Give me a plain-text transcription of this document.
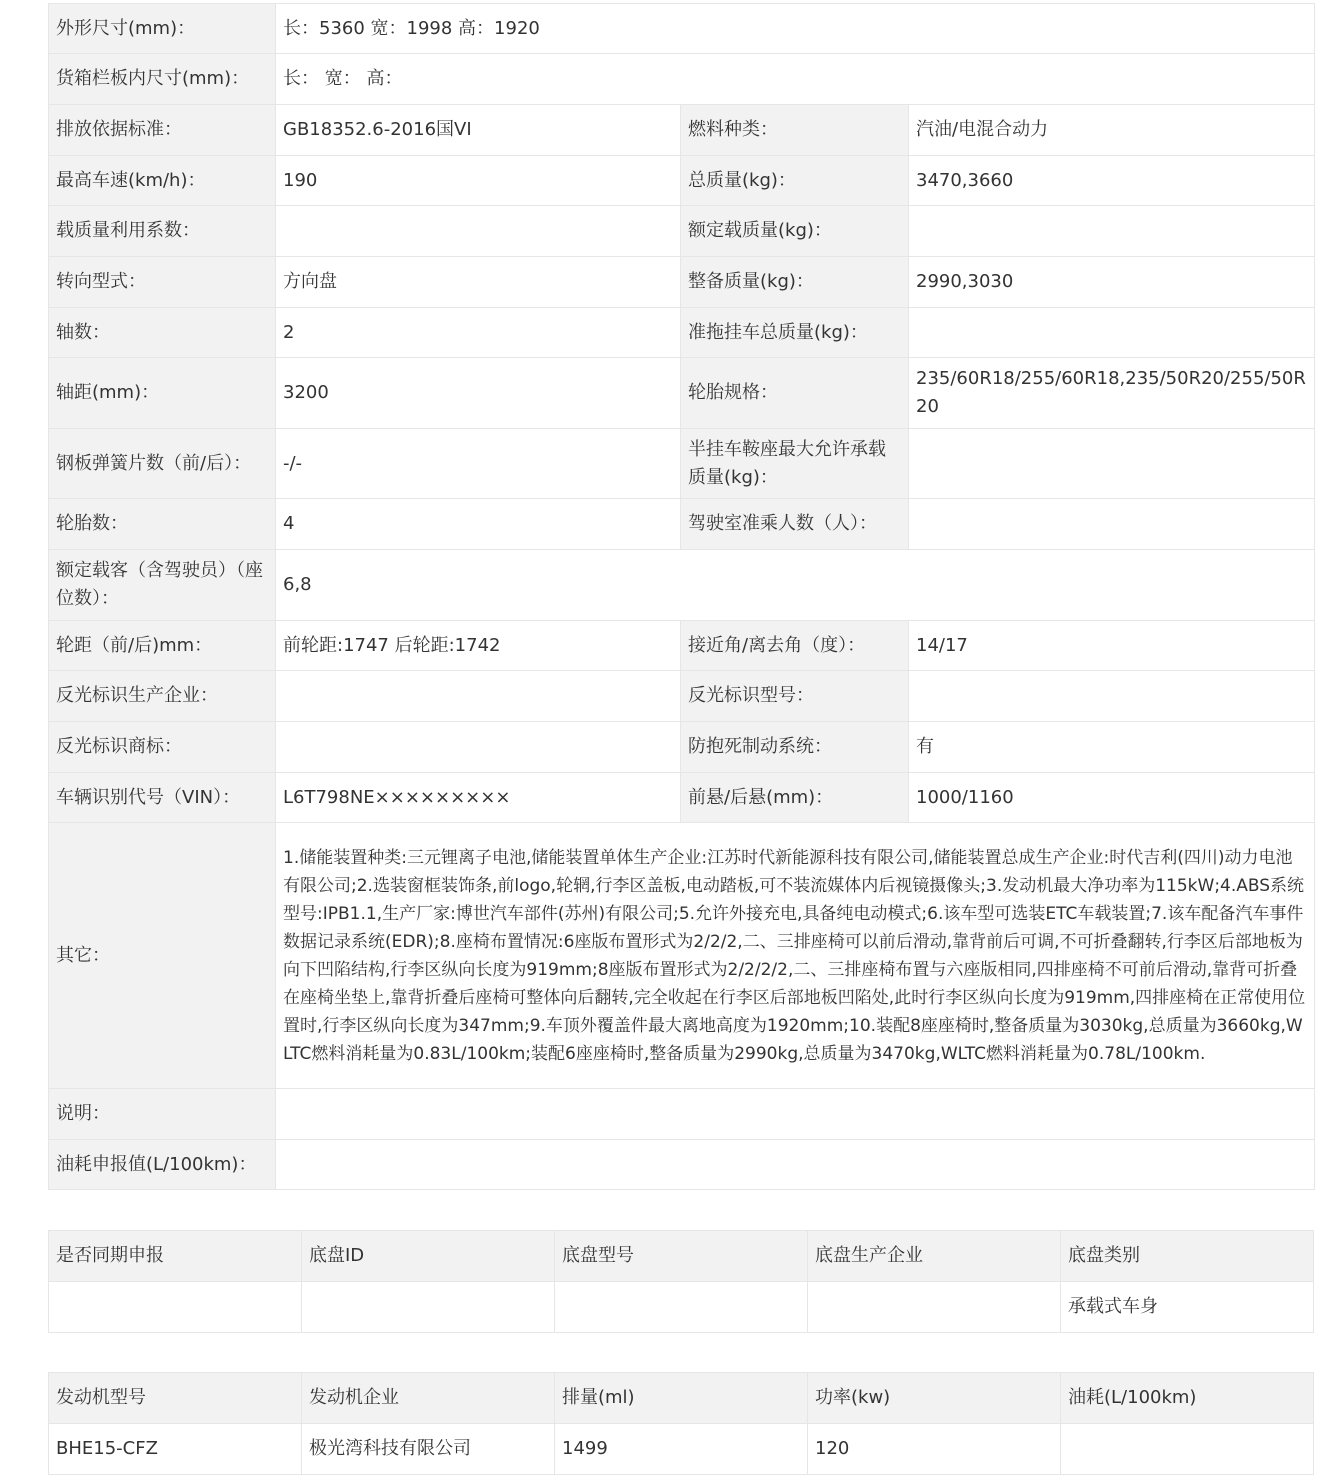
外形尺寸(mm)：	长：5360 宽：1998 高：1920		
货箱栏板内尺寸(mm)：	长： 宽： 高：		
排放依据标准：	GB18352.6-2016国VI	燃料种类：	汽油/电混合动力
最高车速(km/h)：	190	总质量(kg)：	3470,3660
载质量利用系数：		额定载质量(kg)：	
转向型式：	方向盘	整备质量(kg)：	2990,3030
轴数：	2	准拖挂车总质量(kg)：	
轴距(mm)：	3200	轮胎规格：	235/60R18/255/60R18,235/50R20/255/50R20
钢板弹簧片数（前/后）：	-/-	半挂车鞍座最大允许承载质量(kg)：	
轮胎数：	4	驾驶室准乘人数（人）：	
额定载客（含驾驶员）（座位数）：	6,8		
轮距（前/后)mm：	前轮距:1747 后轮距:1742	接近角/离去角（度）：	14/17
反光标识生产企业：		反光标识型号：	
反光标识商标：		防抱死制动系统：	有
车辆识别代号（VIN）：	L6T798NE×××××××××	前悬/后悬(mm)：	1000/1160
其它：	1.储能装置种类:三元锂离子电池,储能装置单体生产企业:江苏时代新能源科技有限公司,储能装置总成生产企业:时代吉利(四川)动力电池有限公司;2.选装窗框装饰条,前logo,轮辋,行李区盖板,电动踏板,可不装流媒体内后视镜摄像头;3.发动机最大净功率为115kW;4.ABS系统型号:IPB1.1,生产厂家:博世汽车部件(苏州)有限公司;5.允许外接充电,具备纯电动模式;6.该车型可选装ETC车载装置;7.该车配备汽车事件数据记录系统(EDR);8.座椅布置情况:6座版布置形式为2/2/2,二、三排座椅可以前后滑动,靠背前后可调,不可折叠翻转,行李区后部地板为向下凹陷结构,行李区纵向长度为919mm;8座版布置形式为2/2/2/2,二、三排座椅布置与六座版相同,四排座椅不可前后滑动,靠背可折叠在座椅坐垫上,靠背折叠后座椅可整体向后翻转,完全收起在行李区后部地板凹陷处,此时行李区纵向长度为919mm,四排座椅在正常使用位置时,行李区纵向长度为347mm;9.车顶外覆盖件最大离地高度为1920mm;10.装配8座座椅时,整备质量为3030kg,总质量为3660kg,WLTC燃料消耗量为0.83L/100km;装配6座座椅时,整备质量为2990kg,总质量为3470kg,WLTC燃料消耗量为0.78L/100km.		
说明：			
油耗申报值(L/100km)：			
是否同期申报	底盘ID	底盘型号	底盘生产企业	底盘类别
				承载式车身
发动机型号	发动机企业	排量(ml)	功率(kw)	油耗(L/100km)
BHE15-CFZ	极光湾科技有限公司	1499	120	
